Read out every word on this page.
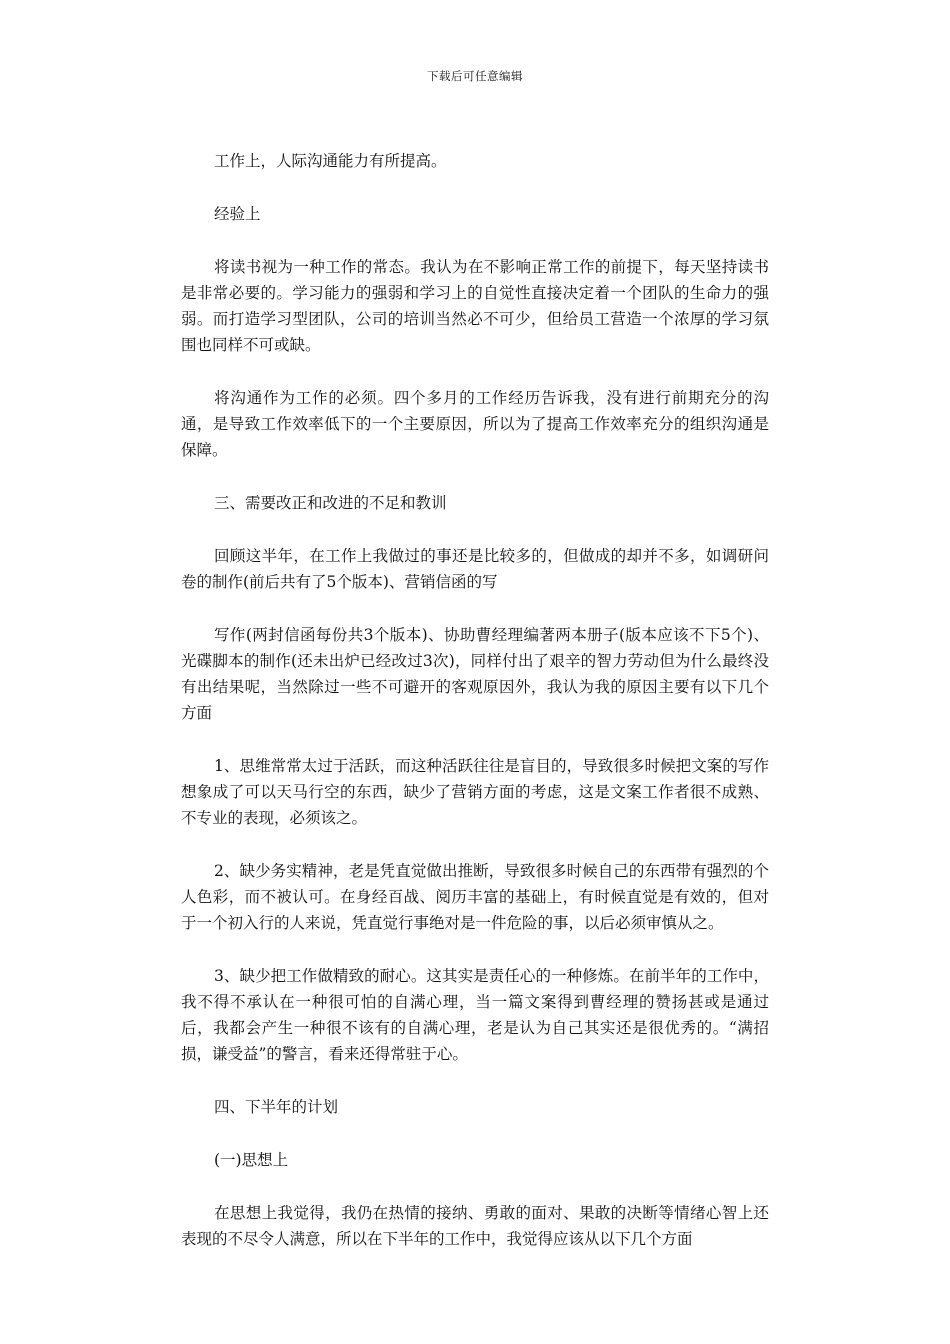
下载后可任意编辑

工作上，人际沟通能力有所提高。

经验上

将读书视为一种工作的常态。我认为在不影响正常工作的前提下，每天坚持读书是非常必要的。学习能力的强弱和学习上的自觉性直接决定着一个团队的生命力的强弱。而打造学习型团队，公司的培训当然必不可少，但给员工营造一个浓厚的学习氛围也同样不可或缺。

将沟通作为工作的必须。四个多月的工作经历告诉我，没有进行前期充分的沟通，是导致工作效率低下的一个主要原因，所以为了提高工作效率充分的组织沟通是保障。

三、需要改正和改进的不足和教训

回顾这半年，在工作上我做过的事还是比较多的，但做成的却并不多，如调研问卷的制作(前后共有了5个版本)、营销信函的写

写作(两封信函每份共3个版本)、协助曹经理编著两本册子(版本应该不下5个)、光碟脚本的制作(还未出炉已经改过3次)，同样付出了艰辛的智力劳动但为什么最终没有出结果呢，当然除过一些不可避开的客观原因外，我认为我的原因主要有以下几个方面

1、思维常常太过于活跃，而这种活跃往往是盲目的，导致很多时候把文案的写作想象成了可以天马行空的东西，缺少了营销方面的考虑，这是文案工作者很不成熟、不专业的表现，必须该之。

2、缺少务实精神，老是凭直觉做出推断，导致很多时候自己的东西带有强烈的个人色彩，而不被认可。在身经百战、阅历丰富的基础上，有时候直觉是有效的，但对于一个初入行的人来说，凭直觉行事绝对是一件危险的事，以后必须审慎从之。

3、缺少把工作做精致的耐心。这其实是责任心的一种修炼。在前半年的工作中，我不得不承认在一种很可怕的自满心理，当一篇文案得到曹经理的赞扬甚或是通过后，我都会产生一种很不该有的自满心理，老是认为自己其实还是很优秀的。“满招损，谦受益”的警言，看来还得常驻于心。

四、下半年的计划

(一)思想上

在思想上我觉得，我仍在热情的接纳、勇敢的面对、果敢的决断等情绪心智上还表现的不尽令人满意，所以在下半年的工作中，我觉得应该从以下几个方面
